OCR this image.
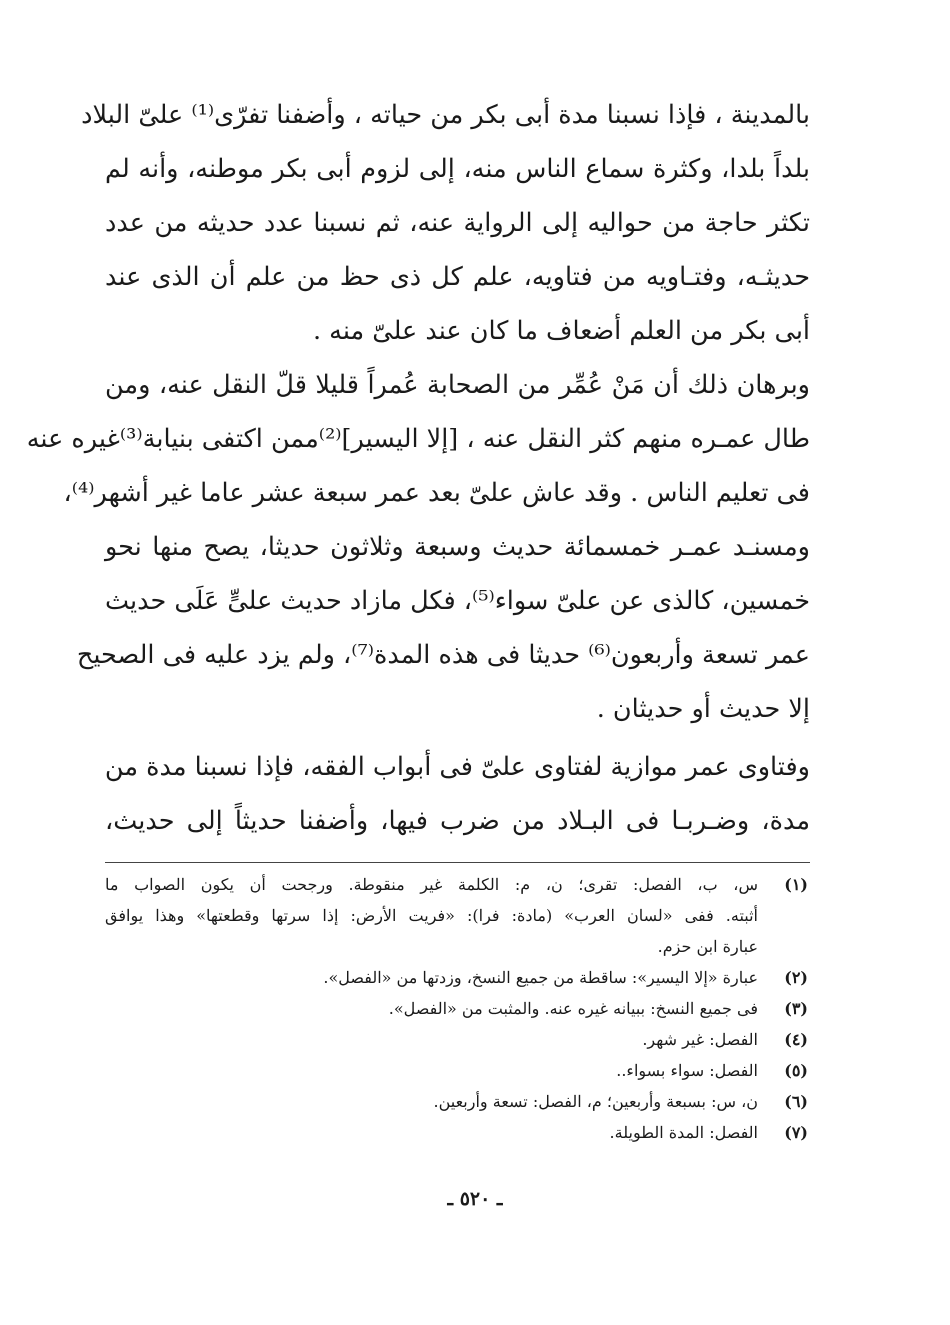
بالمدينة ، فإذا نسبنا مدة أبى بكر من حياته ، وأضفنا تفرّى⁽¹⁾ علىّ البلاد
بلداً بلدا، وكثرة سماع الناس منه، إلى لزوم أبى بكر موطنه، وأنه لم
تكثر حاجة من حواليه إلى الرواية عنه، ثم نسبنا عدد حديثه من عدد
حديثـه، وفتـاويه من فتاويه، علم كل ذى حظ من علم أن الذى عند
أبى بكر من العلم أضعاف ما كان عند علىّ منه .
وبرهان ذلك أن مَنْ عُمِّر من الصحابة عُمراً قليلا قلّ النقل عنه، ومن
طال عمـره منهم كثر النقل عنه ، [إلا اليسير]⁽²⁾ممن اكتفى بنيابة⁽³⁾غيره عنه
فى تعليم الناس . وقد عاش علىّ بعد عمر سبعة عشر عاما غير أشهر⁽⁴⁾،
ومسنـد عمـر خمسمائة حديث وسبعة وثلاثون حديثا، يصح منها نحو
خمسين، كالذى عن علىّ سواء⁽⁵⁾، فكل مازاد حديث علىٍّ عَلَى حديث
عمر تسعة وأربعون⁽⁶⁾ حديثا فى هذه المدة⁽⁷⁾، ولم يزد عليه فى الصحيح
إلا حديث أو حديثان .
وفتاوى عمر موازية لفتاوى علىّ فى أبواب الفقه، فإذا نسبنا مدة من
مدة، وضـربـا فى البـلاد من ضرب فيها، وأضفنا حديثاً إلى حديث،
(١)
س، ب، الفصل: تقرى؛ ن، م: الكلمة غير منقوطة. ورجحت أن يكون الصواب ما
أثبته. ففى «لسان العرب» (مادة: فرا): «فريت الأرض: إذا سرتها وقطعتها» وهذا يوافق
عبارة ابن حزم.
(٢)
عبارة «إلا اليسير»: ساقطة من جميع النسخ، وزدتها من «الفصل».
(٣)
فى جميع النسخ: ببيانه غيره عنه. والمثبت من «الفصل».
(٤)
الفصل: غير شهر.
(٥)
الفصل: سواء بسواء..
(٦)
ن، س: بسبعة وأربعين؛ م، الفصل: تسعة وأربعين.
(٧)
الفصل: المدة الطويلة.
ـ ٥٢٠ ـ
